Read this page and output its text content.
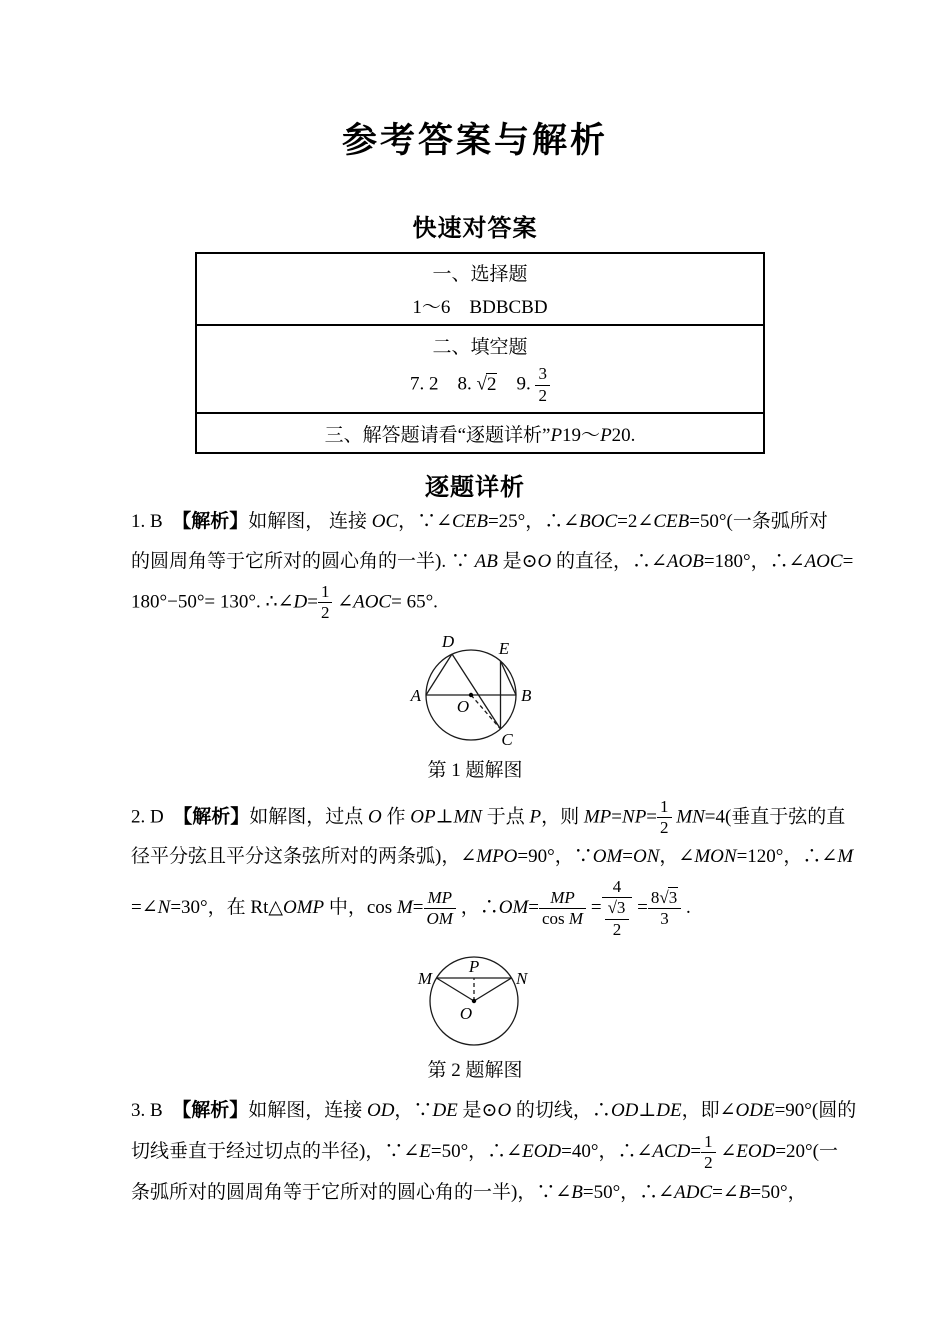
参考答案与解析
快速对答案
一、选择题
1～6　BDBCBD
二、填空题
7. 2　8. √2　9. $\frac{3}{2}$
三、解答题请看“逐题详析”P19～P20.
逐题详析
1. B　【解析】如解图， 连接 OC，∵∠CEB=25°，∴∠BOC=2∠CEB=50°(一条弧所对
的圆周角等于它所对的圆心角的一半). ∵ AB 是⊙O 的直径，∴∠AOB=180°，∴∠AOC=
180°−50°= 130°. ∴∠D= $\frac{1}{2}$ ∠AOC= 65°.
D	E
A	B
O
C
第 1 题解图
2. D　【解析】如解图，过点 O 作 OP⊥MN 于点 P，则 $MP=NP= \frac{1}{2} MN=4$(垂直于弦的直
径平分弦且平分这条弦所对的两条弧)，∠MPO=90°，∵OM=ON，∠MON=120°，∴∠M
=∠N=30°，在 Rt△OMP 中，$\cos M= \frac{MP}{OM}$ ，∴OM= $\frac{MP}{\text{cos M}} = \frac{4}{\frac{√3}{2}} = \frac{8√3}{3}$ .
M	N
P
O
第 2 题解图
3. B　【解析】如解图，连接 OD，∵DE 是⊙O 的切线，∴OD⊥DE，即∠ODE=90°(圆的
切线垂直于经过切点的半径)，∵∠E=50°，∴∠EOD=40°，∴∠ACD= $\frac{1}{2}$ ∠EOD=20°(一
条弧所对的圆周角等于它所对的圆心角的一半)，∵∠B=50°，∴∠ADC=∠B=50°，
